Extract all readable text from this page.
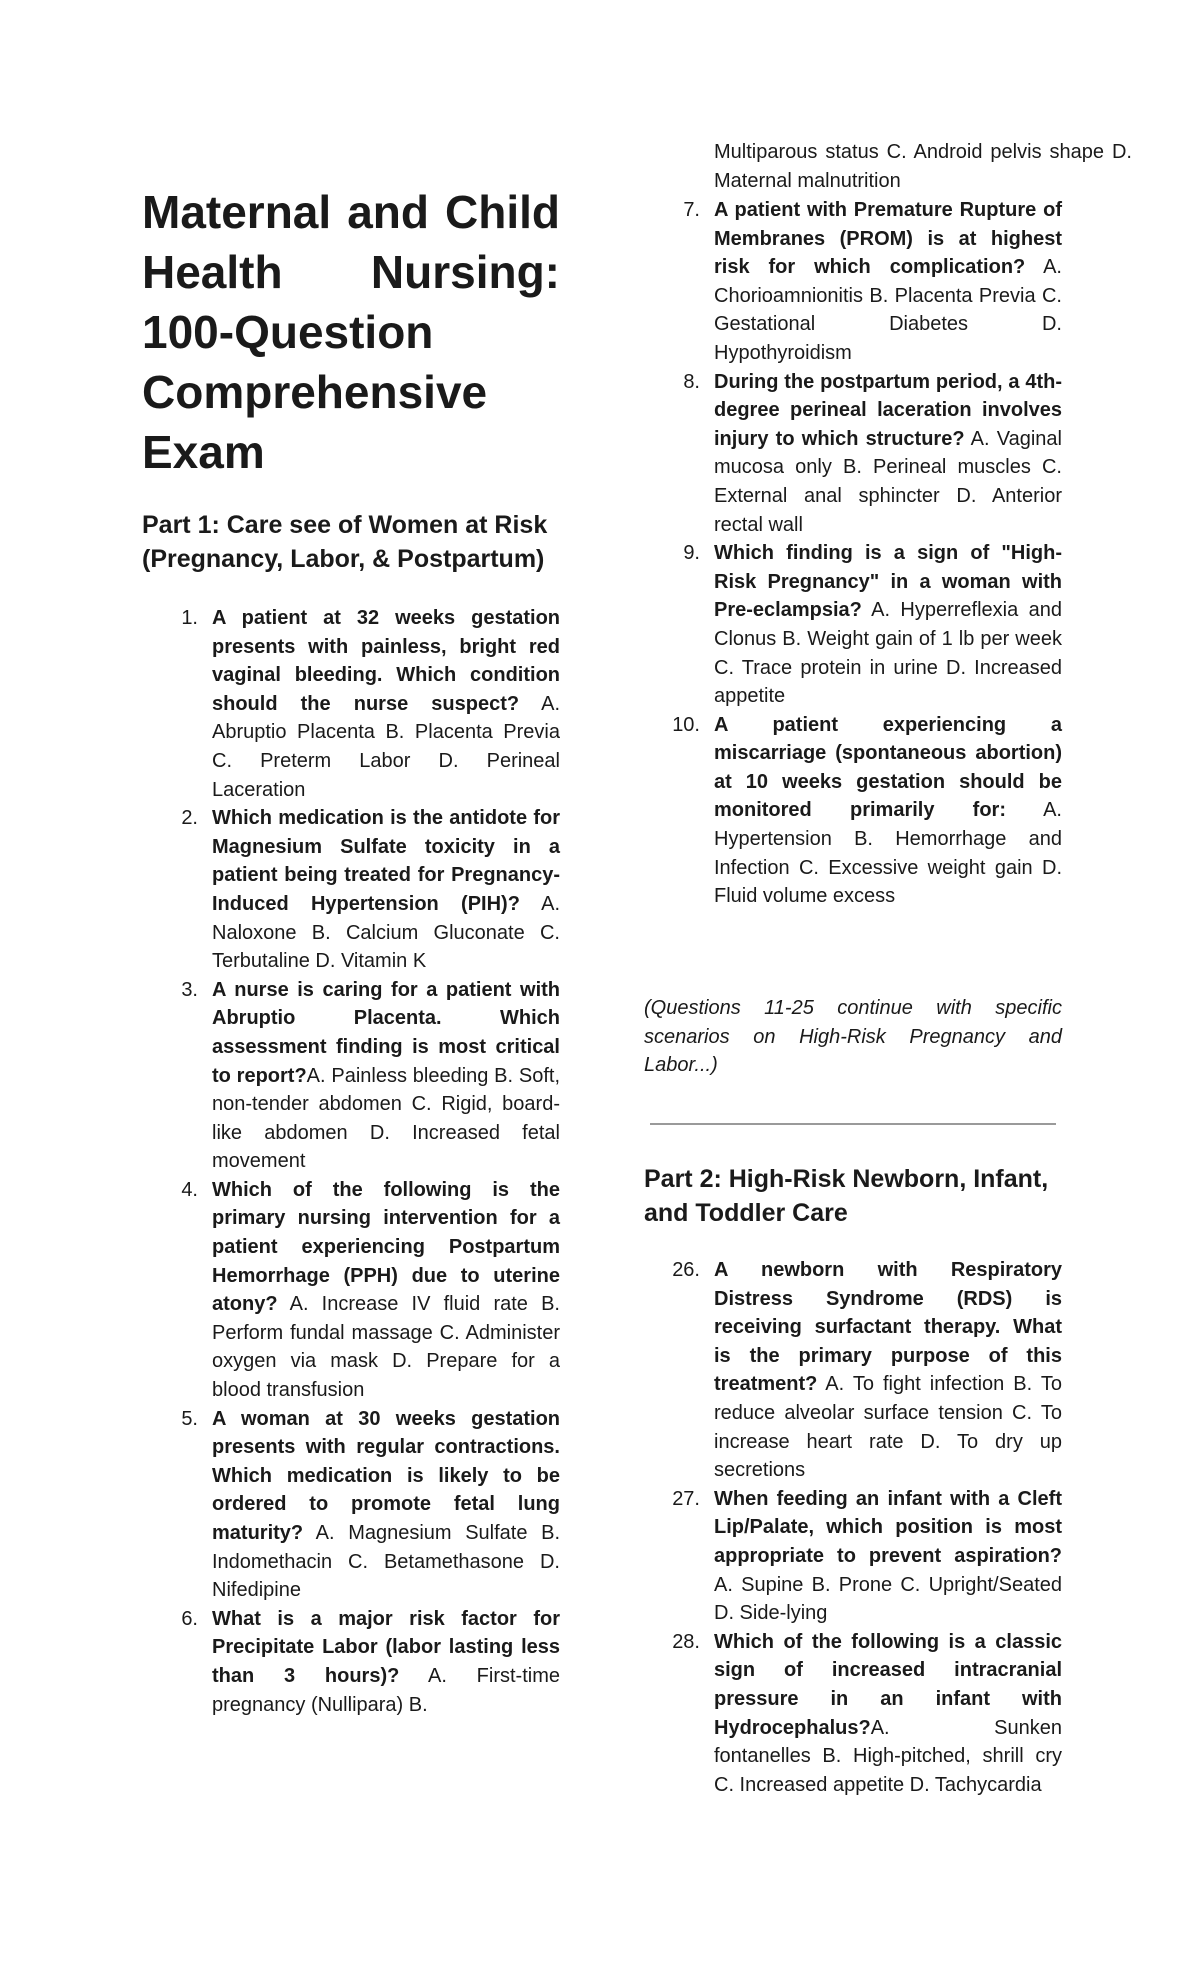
Maternal and Child Health Nursing: 100-Question Comprehensive Exam
Part 1: Care see of Women at Risk (Pregnancy, Labor, & Postpartum)
1. A patient at 32 weeks gestation presents with painless, bright red vaginal bleeding. Which condition should the nurse suspect? A. Abruptio Placenta B. Placenta Previa C. Preterm Labor D. Perineal Laceration
2. Which medication is the antidote for Magnesium Sulfate toxicity in a patient being treated for Pregnancy-Induced Hypertension (PIH)? A. Naloxone B. Calcium Gluconate C. Terbutaline D. Vitamin K
3. A nurse is caring for a patient with Abruptio Placenta. Which assessment finding is most critical to report?A. Painless bleeding B. Soft, non-tender abdomen C. Rigid, board-like abdomen D. Increased fetal movement
4. Which of the following is the primary nursing intervention for a patient experiencing Postpartum Hemorrhage (PPH) due to uterine atony? A. Increase IV fluid rate B. Perform fundal massage C. Administer oxygen via mask D. Prepare for a blood transfusion
5. A woman at 30 weeks gestation presents with regular contractions. Which medication is likely to be ordered to promote fetal lung maturity? A. Magnesium Sulfate B. Indomethacin C. Betamethasone D. Nifedipine
6. What is a major risk factor for Precipitate Labor (labor lasting less than 3 hours)? A. First-time pregnancy (Nullipara) B.
Multiparous status C. Android pelvis shape D. Maternal malnutrition
7. A patient with Premature Rupture of Membranes (PROM) is at highest risk for which complication? A. Chorioamnionitis B. Placenta Previa C. Gestational Diabetes D. Hypothyroidism
8. During the postpartum period, a 4th-degree perineal laceration involves injury to which structure? A. Vaginal mucosa only B. Perineal muscles C. External anal sphincter D. Anterior rectal wall
9. Which finding is a sign of "High-Risk Pregnancy" in a woman with Pre-eclampsia? A. Hyperreflexia and Clonus B. Weight gain of 1 lb per week C. Trace protein in urine D. Increased appetite
10. A patient experiencing a miscarriage (spontaneous abortion) at 10 weeks gestation should be monitored primarily for: A. Hypertension B. Hemorrhage and Infection C. Excessive weight gain D. Fluid volume excess

(Questions 11-25 continue with specific scenarios on High-Risk Pregnancy and Labor...)

Part 2: High-Risk Newborn, Infant, and Toddler Care
26. A newborn with Respiratory Distress Syndrome (RDS) is receiving surfactant therapy. What is the primary purpose of this treatment? A. To fight infection B. To reduce alveolar surface tension C. To increase heart rate D. To dry up secretions
27. When feeding an infant with a Cleft Lip/Palate, which position is most appropriate to prevent aspiration? A. Supine B. Prone C. Upright/Seated D. Side-lying
28. Which of the following is a classic sign of increased intracranial pressure in an infant with Hydrocephalus?A. Sunken fontanelles B. High-pitched, shrill cry C. Increased appetite D. Tachycardia
